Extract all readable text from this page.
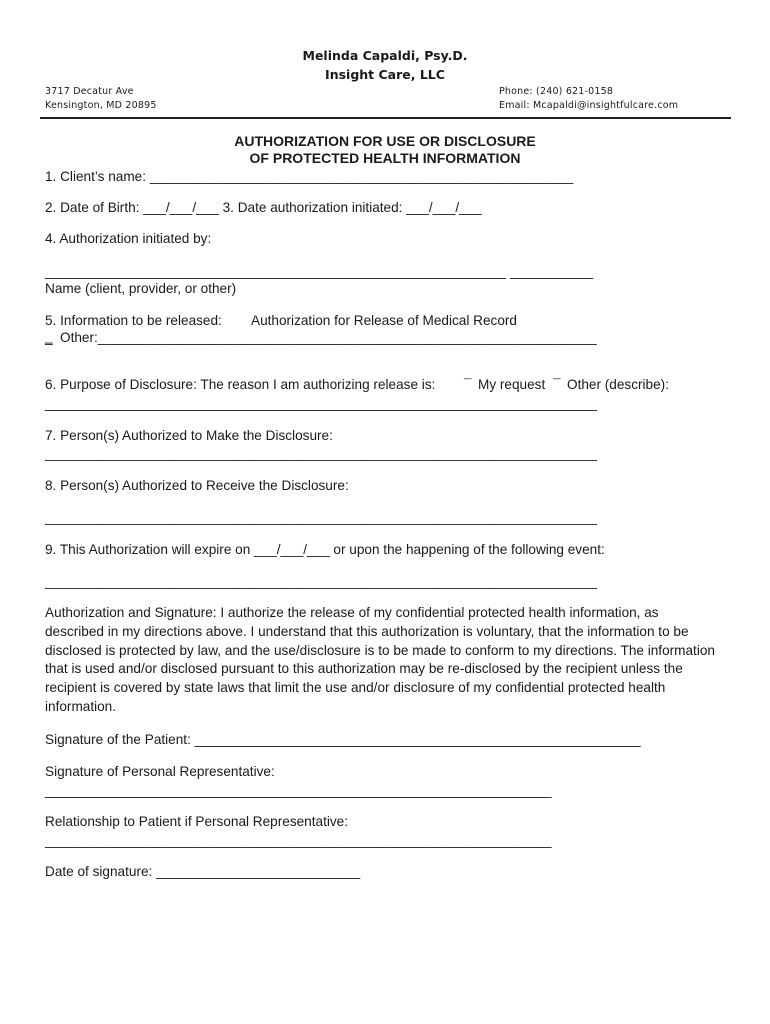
Melinda Capaldi, Psy.D.
Insight Care, LLC
3717 Decatur Ave
Kensington, MD 20895
Phone: (240) 621-0158
Email: Mcapaldi@insightfulcare.com
AUTHORIZATION FOR USE OR DISCLOSURE
OF PROTECTED HEALTH INFORMATION
1. Client’s name: ________________________________________________________
2. Date of Birth: ___/___/___ 3. Date authorization initiated: ___/___/___
4. Authorization initiated by:
_____________________________________________________________ ___________
Name (client, provider, or other)
5. Information to be released: Authorization for Release of Medical Record
‗ Other:__________________________________________________________________
6. Purpose of Disclosure: The reason I am authorizing release is: ¯ My request ¯ Other (describe):
_________________________________________________________________________
7. Person(s) Authorized to Make the Disclosure:
_________________________________________________________________________
8. Person(s) Authorized to Receive the Disclosure:
_________________________________________________________________________
9. This Authorization will expire on ___/___/___ or upon the happening of the following event:
_________________________________________________________________________
Authorization and Signature: I authorize the release of my confidential protected health information, as described in my directions above. I understand that this authorization is voluntary, that the information to be disclosed is protected by law, and the use/disclosure is to be made to conform to my directions. The information that is used and/or disclosed pursuant to this authorization may be re-disclosed by the recipient unless the recipient is covered by state laws that limit the use and/or disclosure of my confidential protected health information.
Signature of the Patient: ___________________________________________________________
Signature of Personal Representative:
___________________________________________________________________
Relationship to Patient if Personal Representative:
___________________________________________________________________
Date of signature: ___________________________
